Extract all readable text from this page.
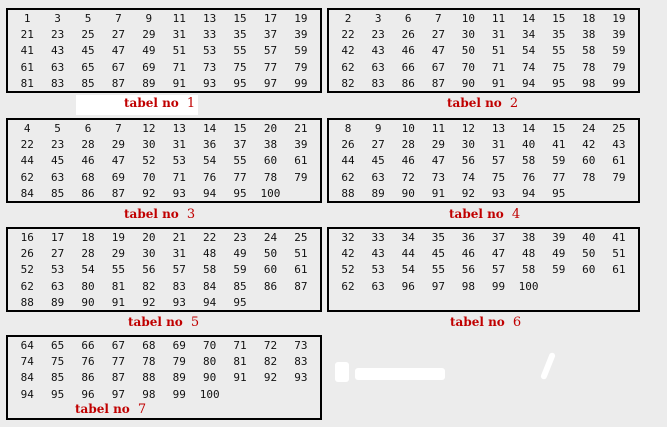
1	3	5	7	9	11	13	15	17	19
21	23	25	27	29	31	33	35	37	39
41	43	45	47	49	51	53	55	57	59
61	63	65	67	69	71	73	75	77	79
81	83	85	87	89	91	93	95	97	99
tabel no 1
2	3	6	7	10	11	14	15	18	19
22	23	26	27	30	31	34	35	38	39
42	43	46	47	50	51	54	55	58	59
62	63	66	67	70	71	74	75	78	79
82	83	86	87	90	91	94	95	98	99
tabel no 2
4	5	6	7	12	13	14	15	20	21
22	23	28	29	30	31	36	37	38	39
44	45	46	47	52	53	54	55	60	61
62	63	68	69	70	71	76	77	78	79
84	85	86	87	92	93	94	95	100
tabel no 3
8	9	10	11	12	13	14	15	24	25
26	27	28	29	30	31	40	41	42	43
44	45	46	47	56	57	58	59	60	61
62	63	72	73	74	75	76	77	78	79
88	89	90	91	92	93	94	95
tabel no 4
16	17	18	19	20	21	22	23	24	25
26	27	28	29	30	31	48	49	50	51
52	53	54	55	56	57	58	59	60	61
62	63	80	81	82	83	84	85	86	87
88	89	90	91	92	93	94	95
tabel no 5
32	33	34	35	36	37	38	39	40	41
42	43	44	45	46	47	48	49	50	51
52	53	54	55	56	57	58	59	60	61
62	63	96	97	98	99	100
tabel no 6
64	65	66	67	68	69	70	71	72	73
74	75	76	77	78	79	80	81	82	83
84	85	86	87	88	89	90	91	92	93
94	95	96	97	98	99	100
tabel no 7
